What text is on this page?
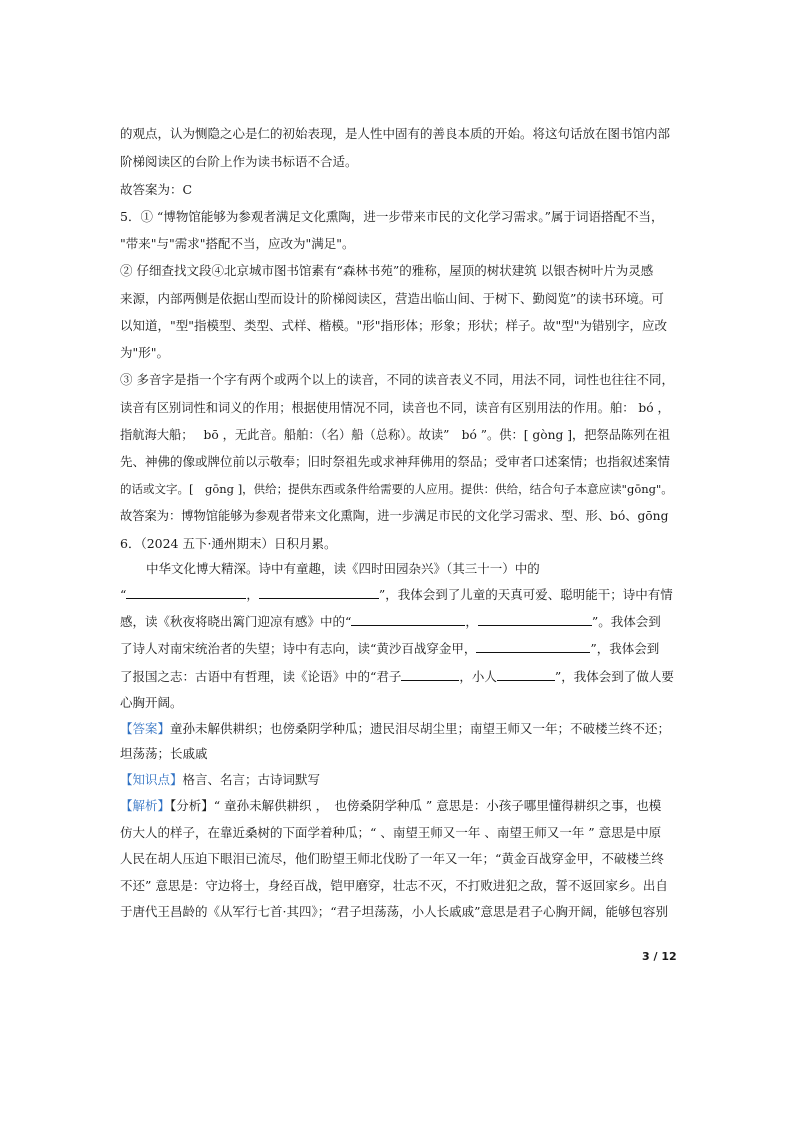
的观点，认为恻隐之心是仁的初始表现，是人性中固有的善良本质的开始。将这句话放在图书馆内部
阶梯阅读区的台阶上作为读书标语不合适。
故答案为：C
5．① “博物馆能够为参观者满足文化熏陶，进一步带来市民的文化学习需求。”属于词语搭配不当，
"带来"与"需求"搭配不当，应改为"满足"。
② 仔细查找文段④北京城市图书馆素有“森林书苑”的雅称，屋顶的树状建筑 以银杏树叶片为灵感
来源，内部两侧是依据山型而设计的阶梯阅读区，营造出临山间、于树下、勤阅览”的读书环境。可
以知道，"型"指模型、类型、式样、楷模。"形"指形体；形象；形状；样子。故"型"为错别字，应改
为"形"。
③ 多音字是指一个字有两个或两个以上的读音，不同的读音表义不同，用法不同，词性也往往不同，
读音有区别词性和词义的作用；根据使用情况不同，读音也不同，读音有区别用法的作用。舶： bó ，
指航海大船；　 bō ，无此音。船舶：（名）船（总称）。故读”　bó ”。供：[ gòng ]，把祭品陈列在祖
先、神佛的像或牌位前以示敬奉；旧时祭祖先或求神拜佛用的祭品；受审者口述案情；也指叙述案情
的话或文字。[　gōng ]，供给；提供东西或条件给需要的人应用。提供：供给，结合句子本意应读"gōng"。
故答案为：博物馆能够为参观者带来文化熏陶，进一步满足市民的文化学习需求、型、形、bó、gōng
6．（2024 五下·通州期末）日积月累。
中华文化博大精深。诗中有童趣，读《四时田园杂兴》（其三十一）中的
“	，	”，我体会到了儿童的天真可爱、聪明能干；诗中有情
感，读《秋夜将晓出篱门迎凉有感》中的“	，	”。我体会到
了诗人对南宋统治者的失望；诗中有志向，读“黄沙百战穿金甲，	”，我体会到
了报国之志：古语中有哲理，读《论语》中的“君子	，小人	”，我体会到了做人要
心胸开阔。
【答案】童孙未解供耕织；也傍桑阴学种瓜；遗民泪尽胡尘里；南望王师又一年；不破楼兰终不还；
坦荡荡；长戚戚
【知识点】格言、名言；古诗词默写
【解析】【分析】“ 童孙未解供耕织 ，　也傍桑阴学种瓜 ” 意思是：小孩子哪里懂得耕织之事，也模
仿大人的样子，在靠近桑树的下面学着种瓜；“ 、南望王师又一年 、南望王师又一年 ” 意思是中原
人民在胡人压迫下眼泪已流尽，他们盼望王师北伐盼了一年又一年；“黄金百战穿金甲，不破楼兰终
不还” 意思是：守边将士，身经百战，铠甲磨穿，壮志不灭，不打败进犯之敌，誓不返回家乡。出自
于唐代王昌龄的《从军行七首·其四》；“君子坦荡荡，小人长戚戚”意思是君子心胸开阔，能够包容别
3 / 12
